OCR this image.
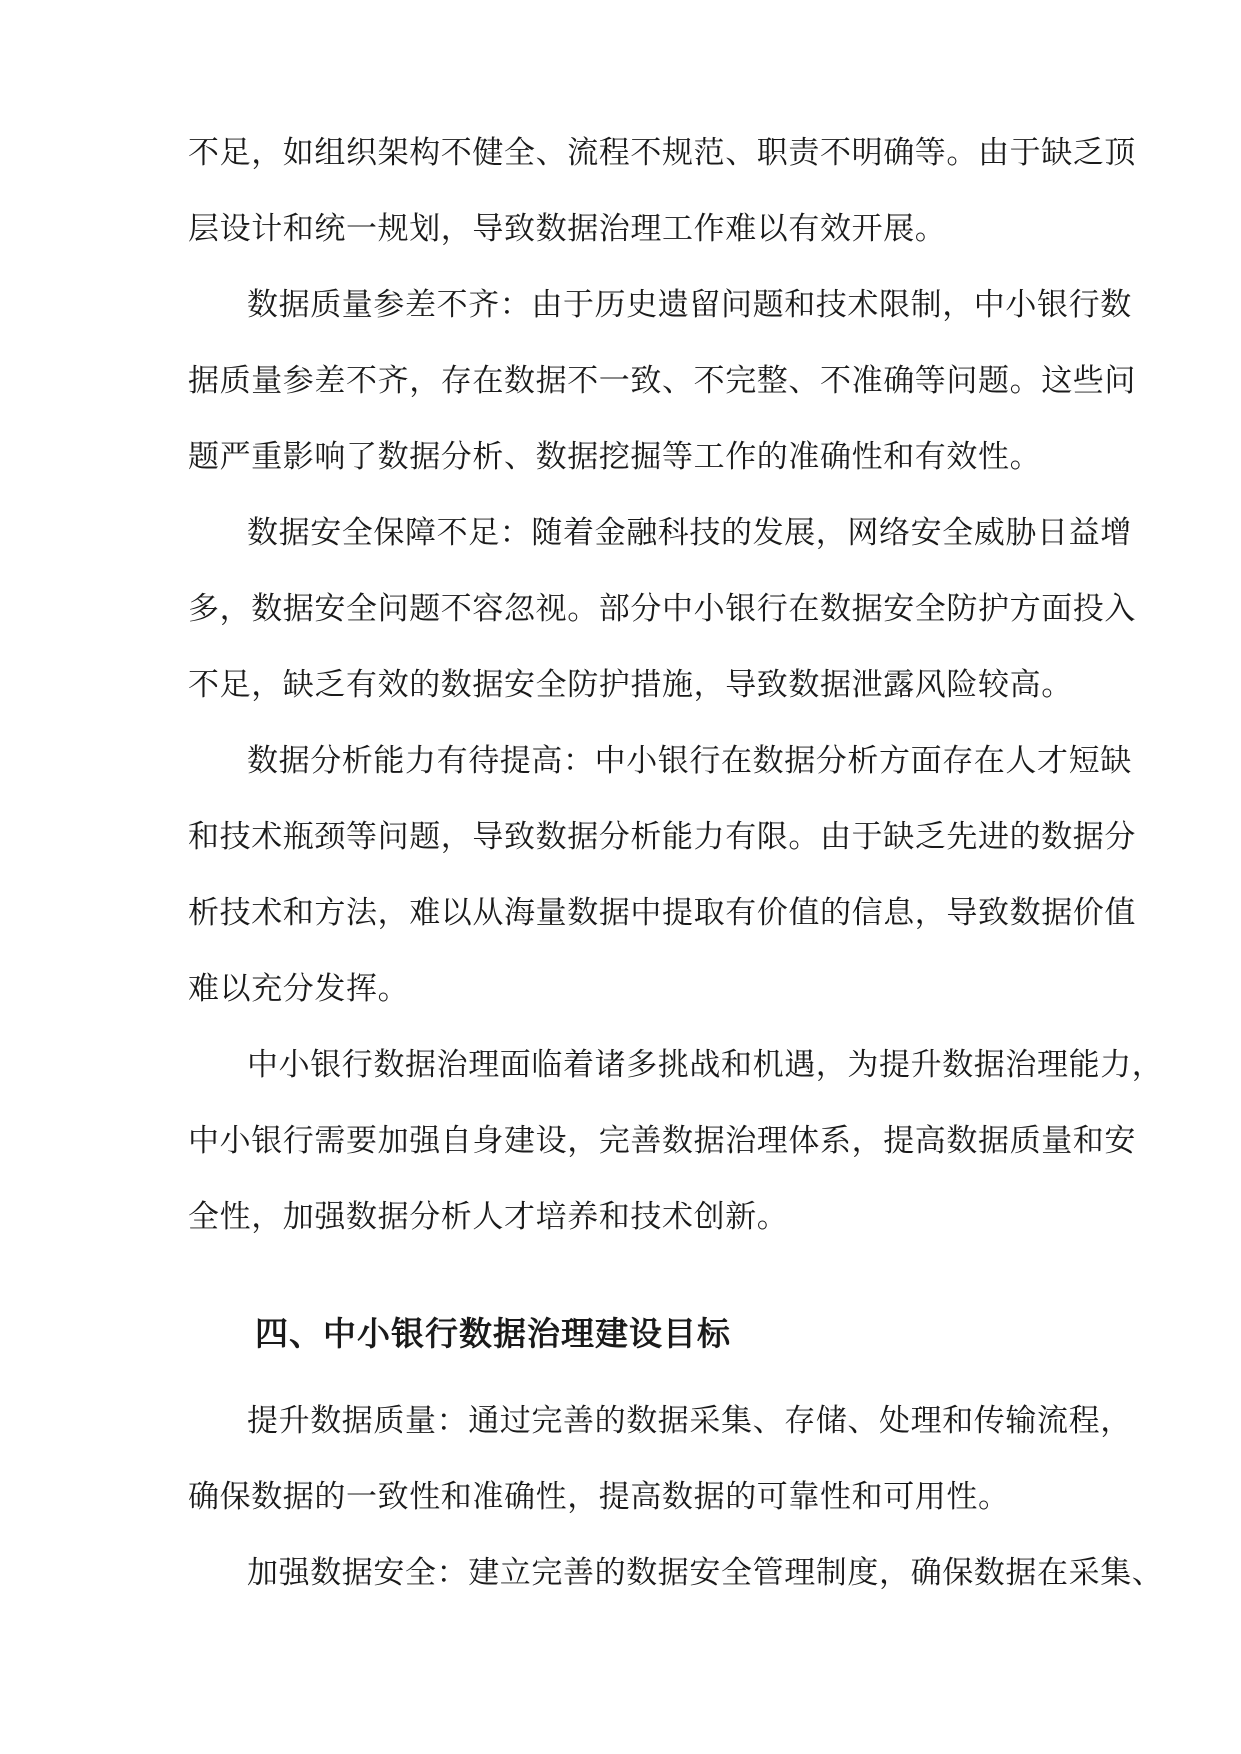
不足，如组织架构不健全、流程不规范、职责不明确等。由于缺乏顶
层设计和统一规划，导致数据治理工作难以有效开展。
数据质量参差不齐：由于历史遗留问题和技术限制，中小银行数
据质量参差不齐，存在数据不一致、不完整、不准确等问题。这些问
题严重影响了数据分析、数据挖掘等工作的准确性和有效性。
数据安全保障不足：随着金融科技的发展，网络安全威胁日益增
多，数据安全问题不容忽视。部分中小银行在数据安全防护方面投入
不足，缺乏有效的数据安全防护措施，导致数据泄露风险较高。
数据分析能力有待提高：中小银行在数据分析方面存在人才短缺
和技术瓶颈等问题，导致数据分析能力有限。由于缺乏先进的数据分
析技术和方法，难以从海量数据中提取有价值的信息，导致数据价值
难以充分发挥。
中小银行数据治理面临着诸多挑战和机遇，为提升数据治理能力，
中小银行需要加强自身建设，完善数据治理体系，提高数据质量和安
全性，加强数据分析人才培养和技术创新。
四、中小银行数据治理建设目标
提升数据质量：通过完善的数据采集、存储、处理和传输流程，
确保数据的一致性和准确性，提高数据的可靠性和可用性。
加强数据安全：建立完善的数据安全管理制度，确保数据在采集、
